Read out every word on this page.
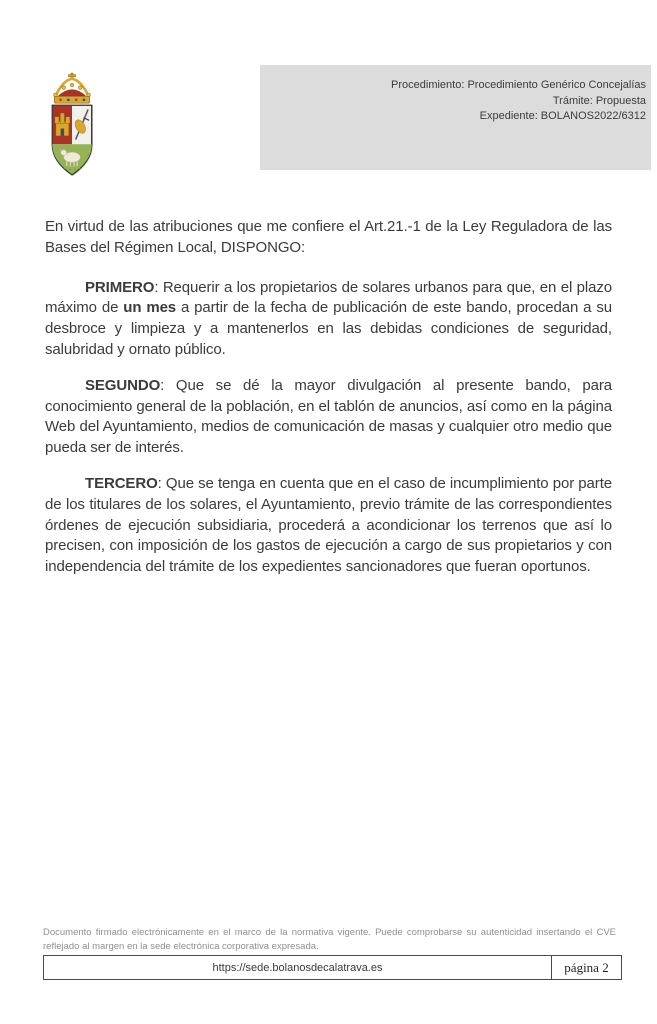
Procedimiento: Procedimiento Genérico Concejalías
Trámite: Propuesta
Expediente: BOLANOS2022/6312

En virtud de las atribuciones que me confiere el Art.21.-1 de la Ley Reguladora de las Bases del Régimen Local, DISPONGO:

PRIMERO: Requerir a los propietarios de solares urbanos para que, en el plazo máximo de un mes a partir de la fecha de publicación de este bando, procedan a su desbroce y limpieza y a mantenerlos en las debidas condiciones de seguridad, salubridad y ornato público.

SEGUNDO: Que se dé la mayor divulgación al presente bando, para conocimiento general de la población, en el tablón de anuncios, así como en la página Web del Ayuntamiento, medios de comunicación de masas y cualquier otro medio que pueda ser de interés.

TERCERO: Que se tenga en cuenta que en el caso de incumplimiento por parte de los titulares de los solares, el Ayuntamiento, previo trámite de las correspondientes órdenes de ejecución subsidiaria, procederá a acondicionar los terrenos que así lo precisen, con imposición de los gastos de ejecución a cargo de sus propietarios y con independencia del trámite de los expedientes sancionadores que fueran oportunos.

Documento firmado electrónicamente en el marco de la normativa vigente. Puede comprobarse su autenticidad insertando el CVE reflejado al margen en la sede electrónica corporativa expresada.

https://sede.bolanosdecalatrava.es	página 2
